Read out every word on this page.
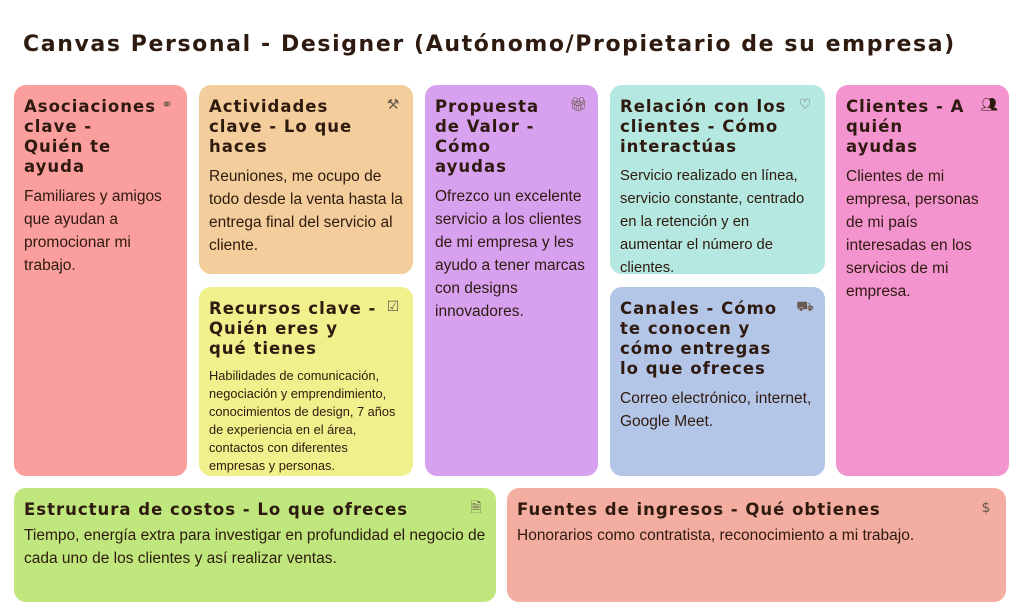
Canvas Personal - Designer (Autónomo/Propietario de su empresa)
⚭
Asociaciones clave - Quién te ayuda

Familiares y amigos que ayudan a promocionar mi trabajo.

⚒
Actividades clave - Lo que haces

Reuniones, me ocupo de todo desde la venta hasta la entrega final del servicio al cliente.

☑
Recursos clave - Quién eres y qué tienes

Habilidades de comunicación, negociación y emprendimiento, conocimientos de design, 7 años de experiencia en el área, contactos con diferentes empresas y personas.

🎁︎
Propuesta de Valor - Cómo ayudas

Ofrezco un excelente servicio a los clientes de mi empresa y les ayudo a tener marcas con designs innovadores.

♡
Relación con los clientes - Cómo interactúas

Servicio realizado en línea, servicio constante, centrado en la retención y en aumentar el número de clientes.

⛟
Canales - Cómo te conocen y cómo entregas lo que ofreces

Correo electrónico, internet, Google Meet.

👥︎
Clientes - A quién ayudas

Clientes de mi empresa, personas de mi país interesadas en los servicios de mi empresa.

🗎
Estructura de costos - Lo que ofreces

Tiempo, energía extra para investigar en profundidad el negocio de cada uno de los clientes y así realizar ventas.

$
Fuentes de ingresos - Qué obtienes

Honorarios como contratista, reconocimiento a mi trabajo.
